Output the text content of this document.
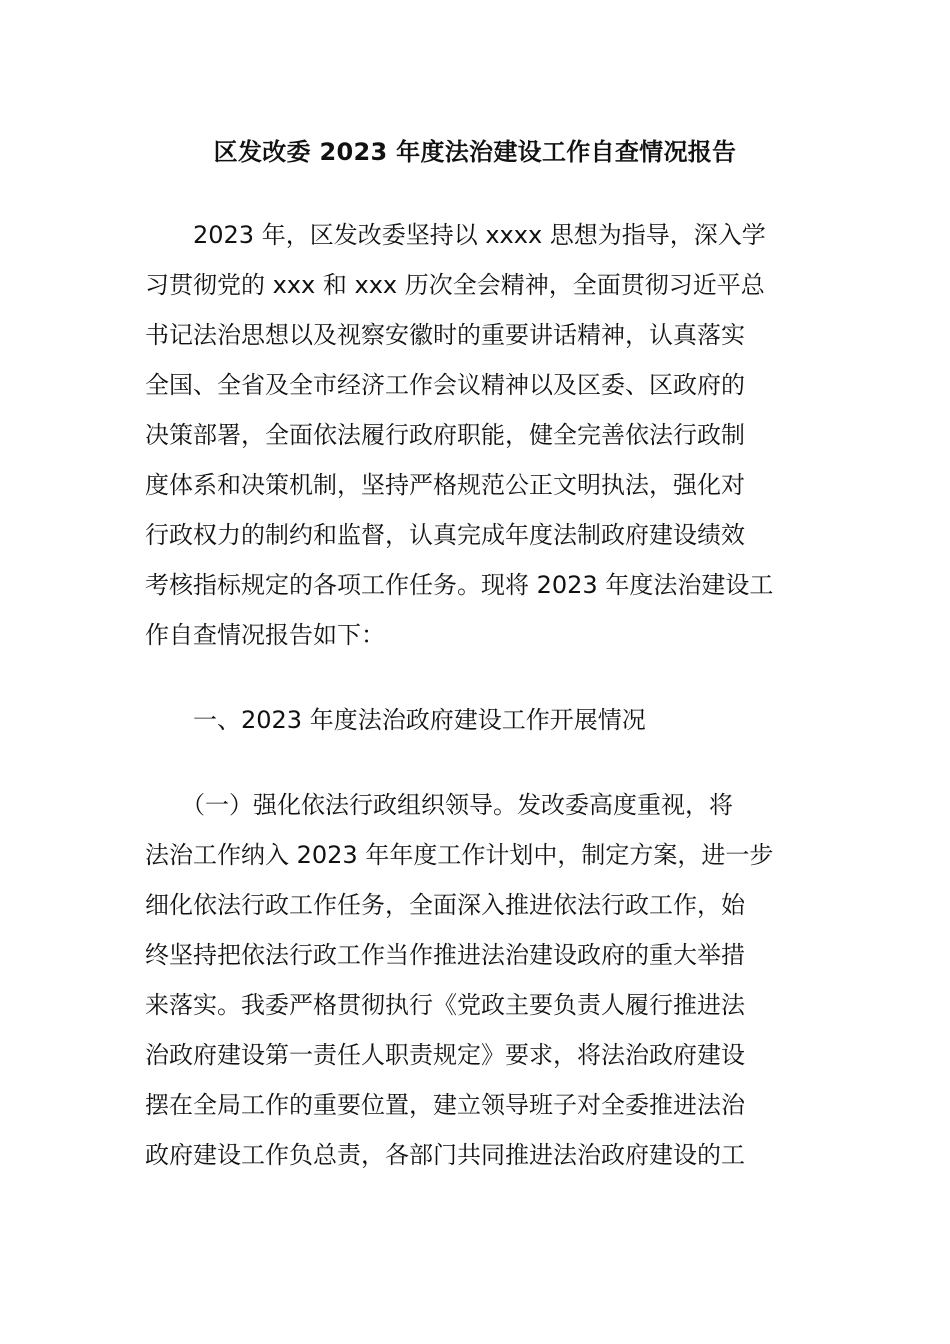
区发改委 2023 年度法治建设工作自查情况报告
　　2023 年，区发改委坚持以 xxxx 思想为指导，深入学
习贯彻党的 xxx 和 xxx 历次全会精神，全面贯彻习近平总
书记法治思想以及视察安徽时的重要讲话精神，认真落实
全国、全省及全市经济工作会议精神以及区委、区政府的
决策部署，全面依法履行政府职能，健全完善依法行政制
度体系和决策机制，坚持严格规范公正文明执法，强化对
行政权力的制约和监督，认真完成年度法制政府建设绩效
考核指标规定的各项工作任务。现将 2023 年度法治建设工
作自查情况报告如下：
　　一、2023 年度法治政府建设工作开展情况
　　（一）强化依法行政组织领导。发改委高度重视，将
法治工作纳入 2023 年年度工作计划中，制定方案，进一步
细化依法行政工作任务，全面深入推进依法行政工作，始
终坚持把依法行政工作当作推进法治建设政府的重大举措
来落实。我委严格贯彻执行《党政主要负责人履行推进法
治政府建设第一责任人职责规定》要求，将法治政府建设
摆在全局工作的重要位置，建立领导班子对全委推进法治
政府建设工作负总责，各部门共同推进法治政府建设的工
